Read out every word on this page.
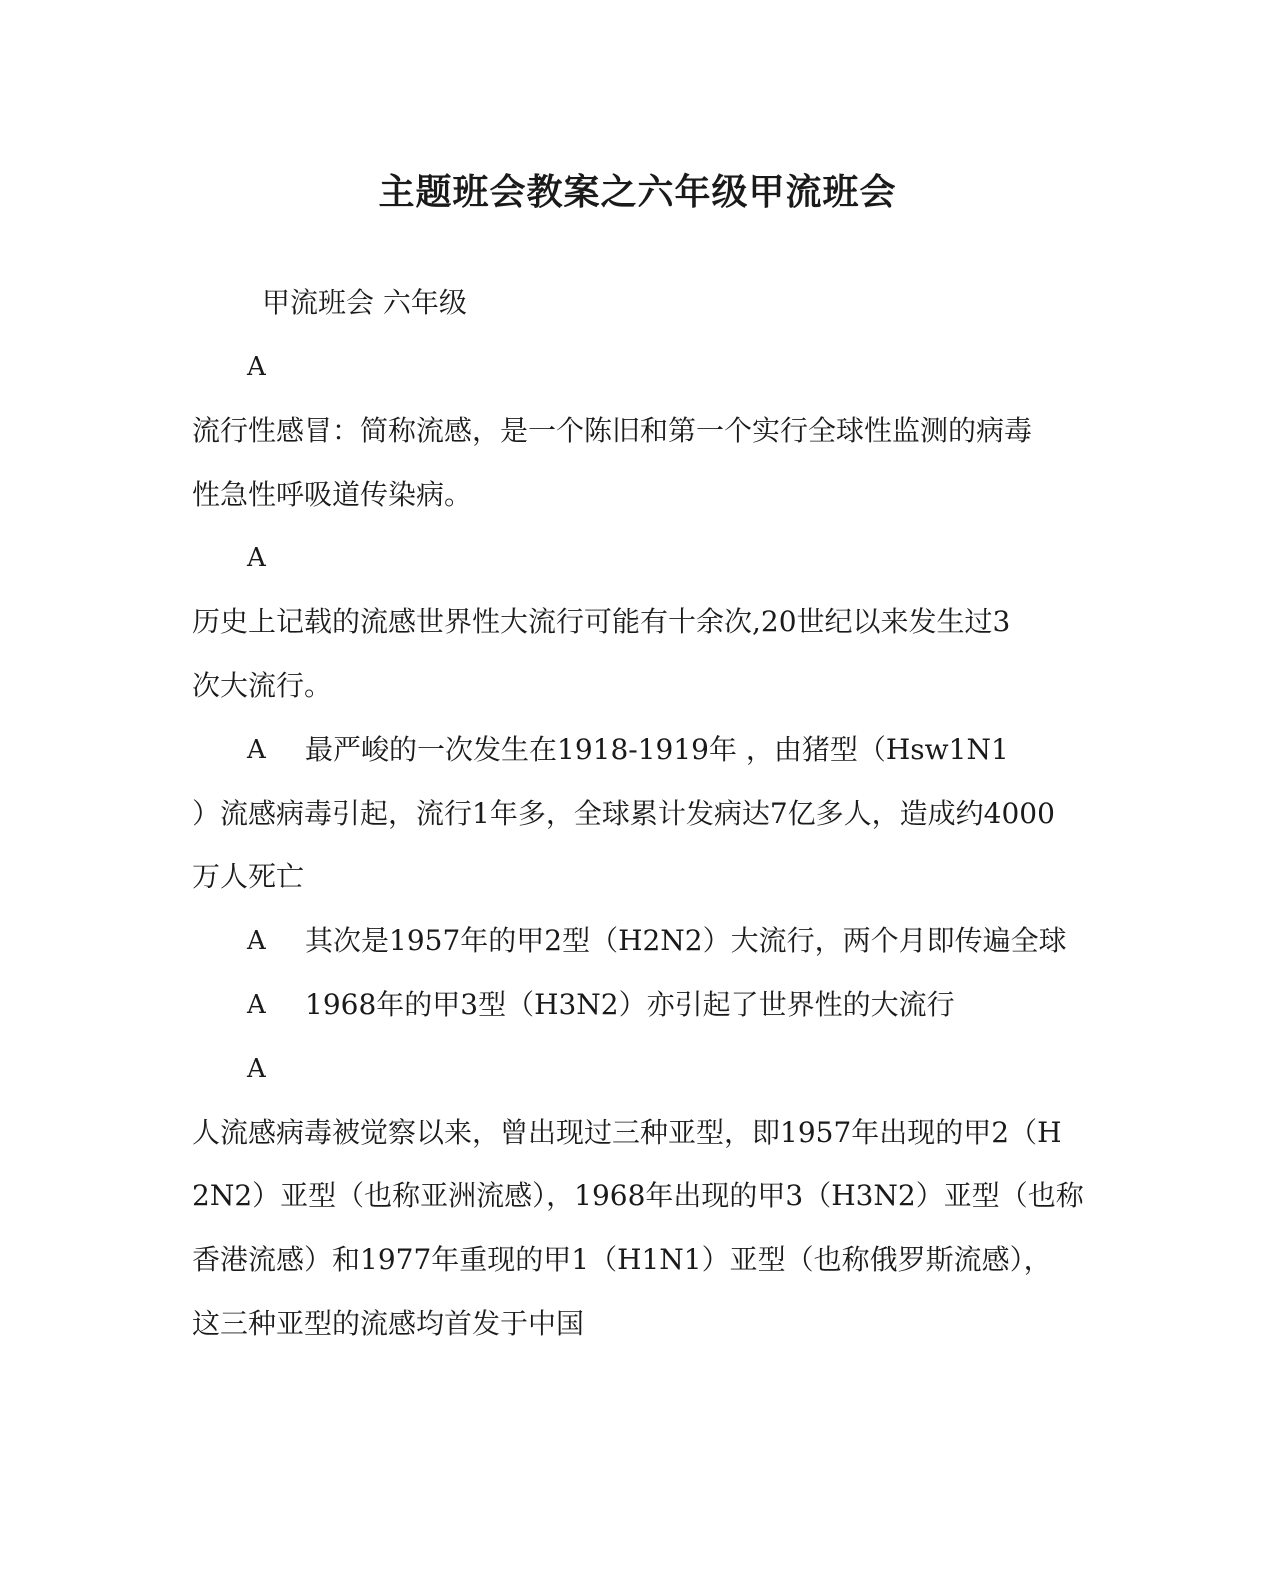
主题班会教案之六年级甲流班会
甲流班会 六年级
A
流行性感冒：简称流感，是一个陈旧和第一个实行全球性监测的病毒
性急性呼吸道传染病。
A
历史上记载的流感世界性大流行可能有十余次,20世纪以来发生过3
次大流行。
A 最严峻的一次发生在1918-1919年 ，由猪型（Hsw1N1
）流感病毒引起，流行1年多，全球累计发病达7亿多人，造成约4000
万人死亡
A 其次是1957年的甲2型（H2N2）大流行，两个月即传遍全球
A 1968年的甲3型（H3N2）亦引起了世界性的大流行
A
人流感病毒被觉察以来，曾出现过三种亚型，即1957年出现的甲2（H
2N2）亚型（也称亚洲流感），1968年出现的甲3（H3N2）亚型（也称
香港流感）和1977年重现的甲1（H1N1）亚型（也称俄罗斯流感），
这三种亚型的流感均首发于中国
